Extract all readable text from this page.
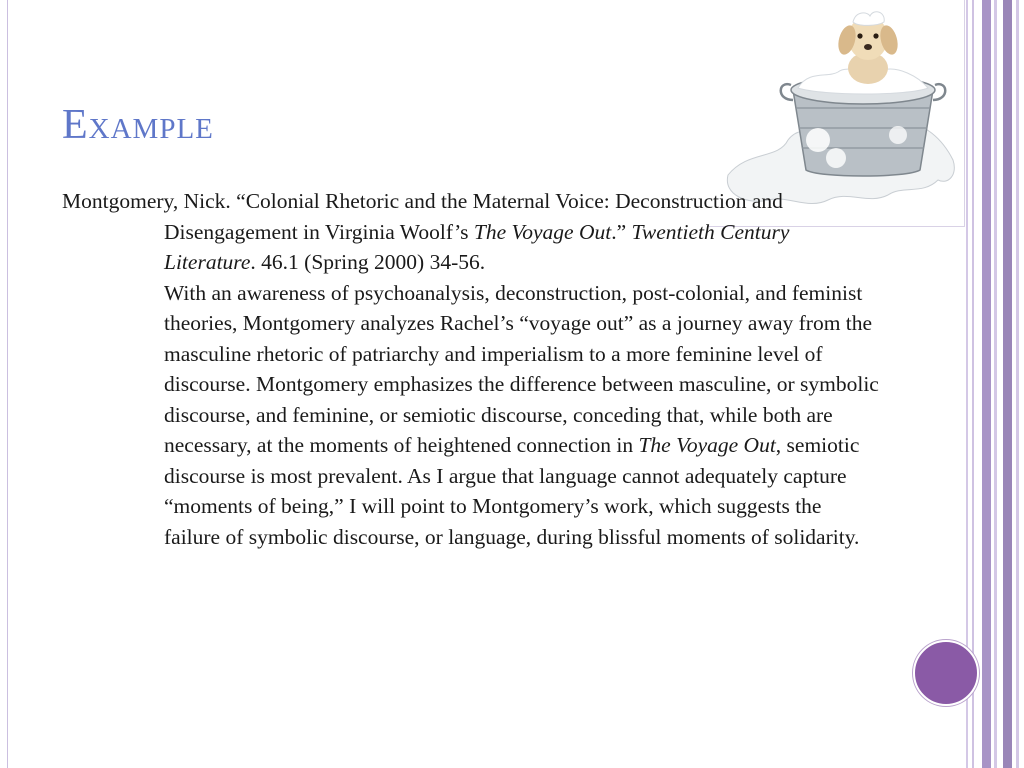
Example

Montgomery, Nick. “Colonial Rhetoric and the Maternal Voice: Deconstruction and Disengagement in Virginia Woolf’s The Voyage Out.” Twentieth Century Literature. 46.1 (Spring 2000) 34-56.

With an awareness of psychoanalysis, deconstruction, post-colonial, and feminist theories, Montgomery analyzes Rachel’s “voyage out” as a journey away from the masculine rhetoric of patriarchy and imperialism to a more feminine level of discourse. Montgomery emphasizes the difference between masculine, or symbolic discourse, and feminine, or semiotic discourse, conceding that, while both are necessary, at the moments of heightened connection in The Voyage Out, semiotic discourse is most prevalent. As I argue that language cannot adequately capture “moments of being,” I will point to Montgomery’s work, which suggests the failure of symbolic discourse, or language, during blissful moments of solidarity.
